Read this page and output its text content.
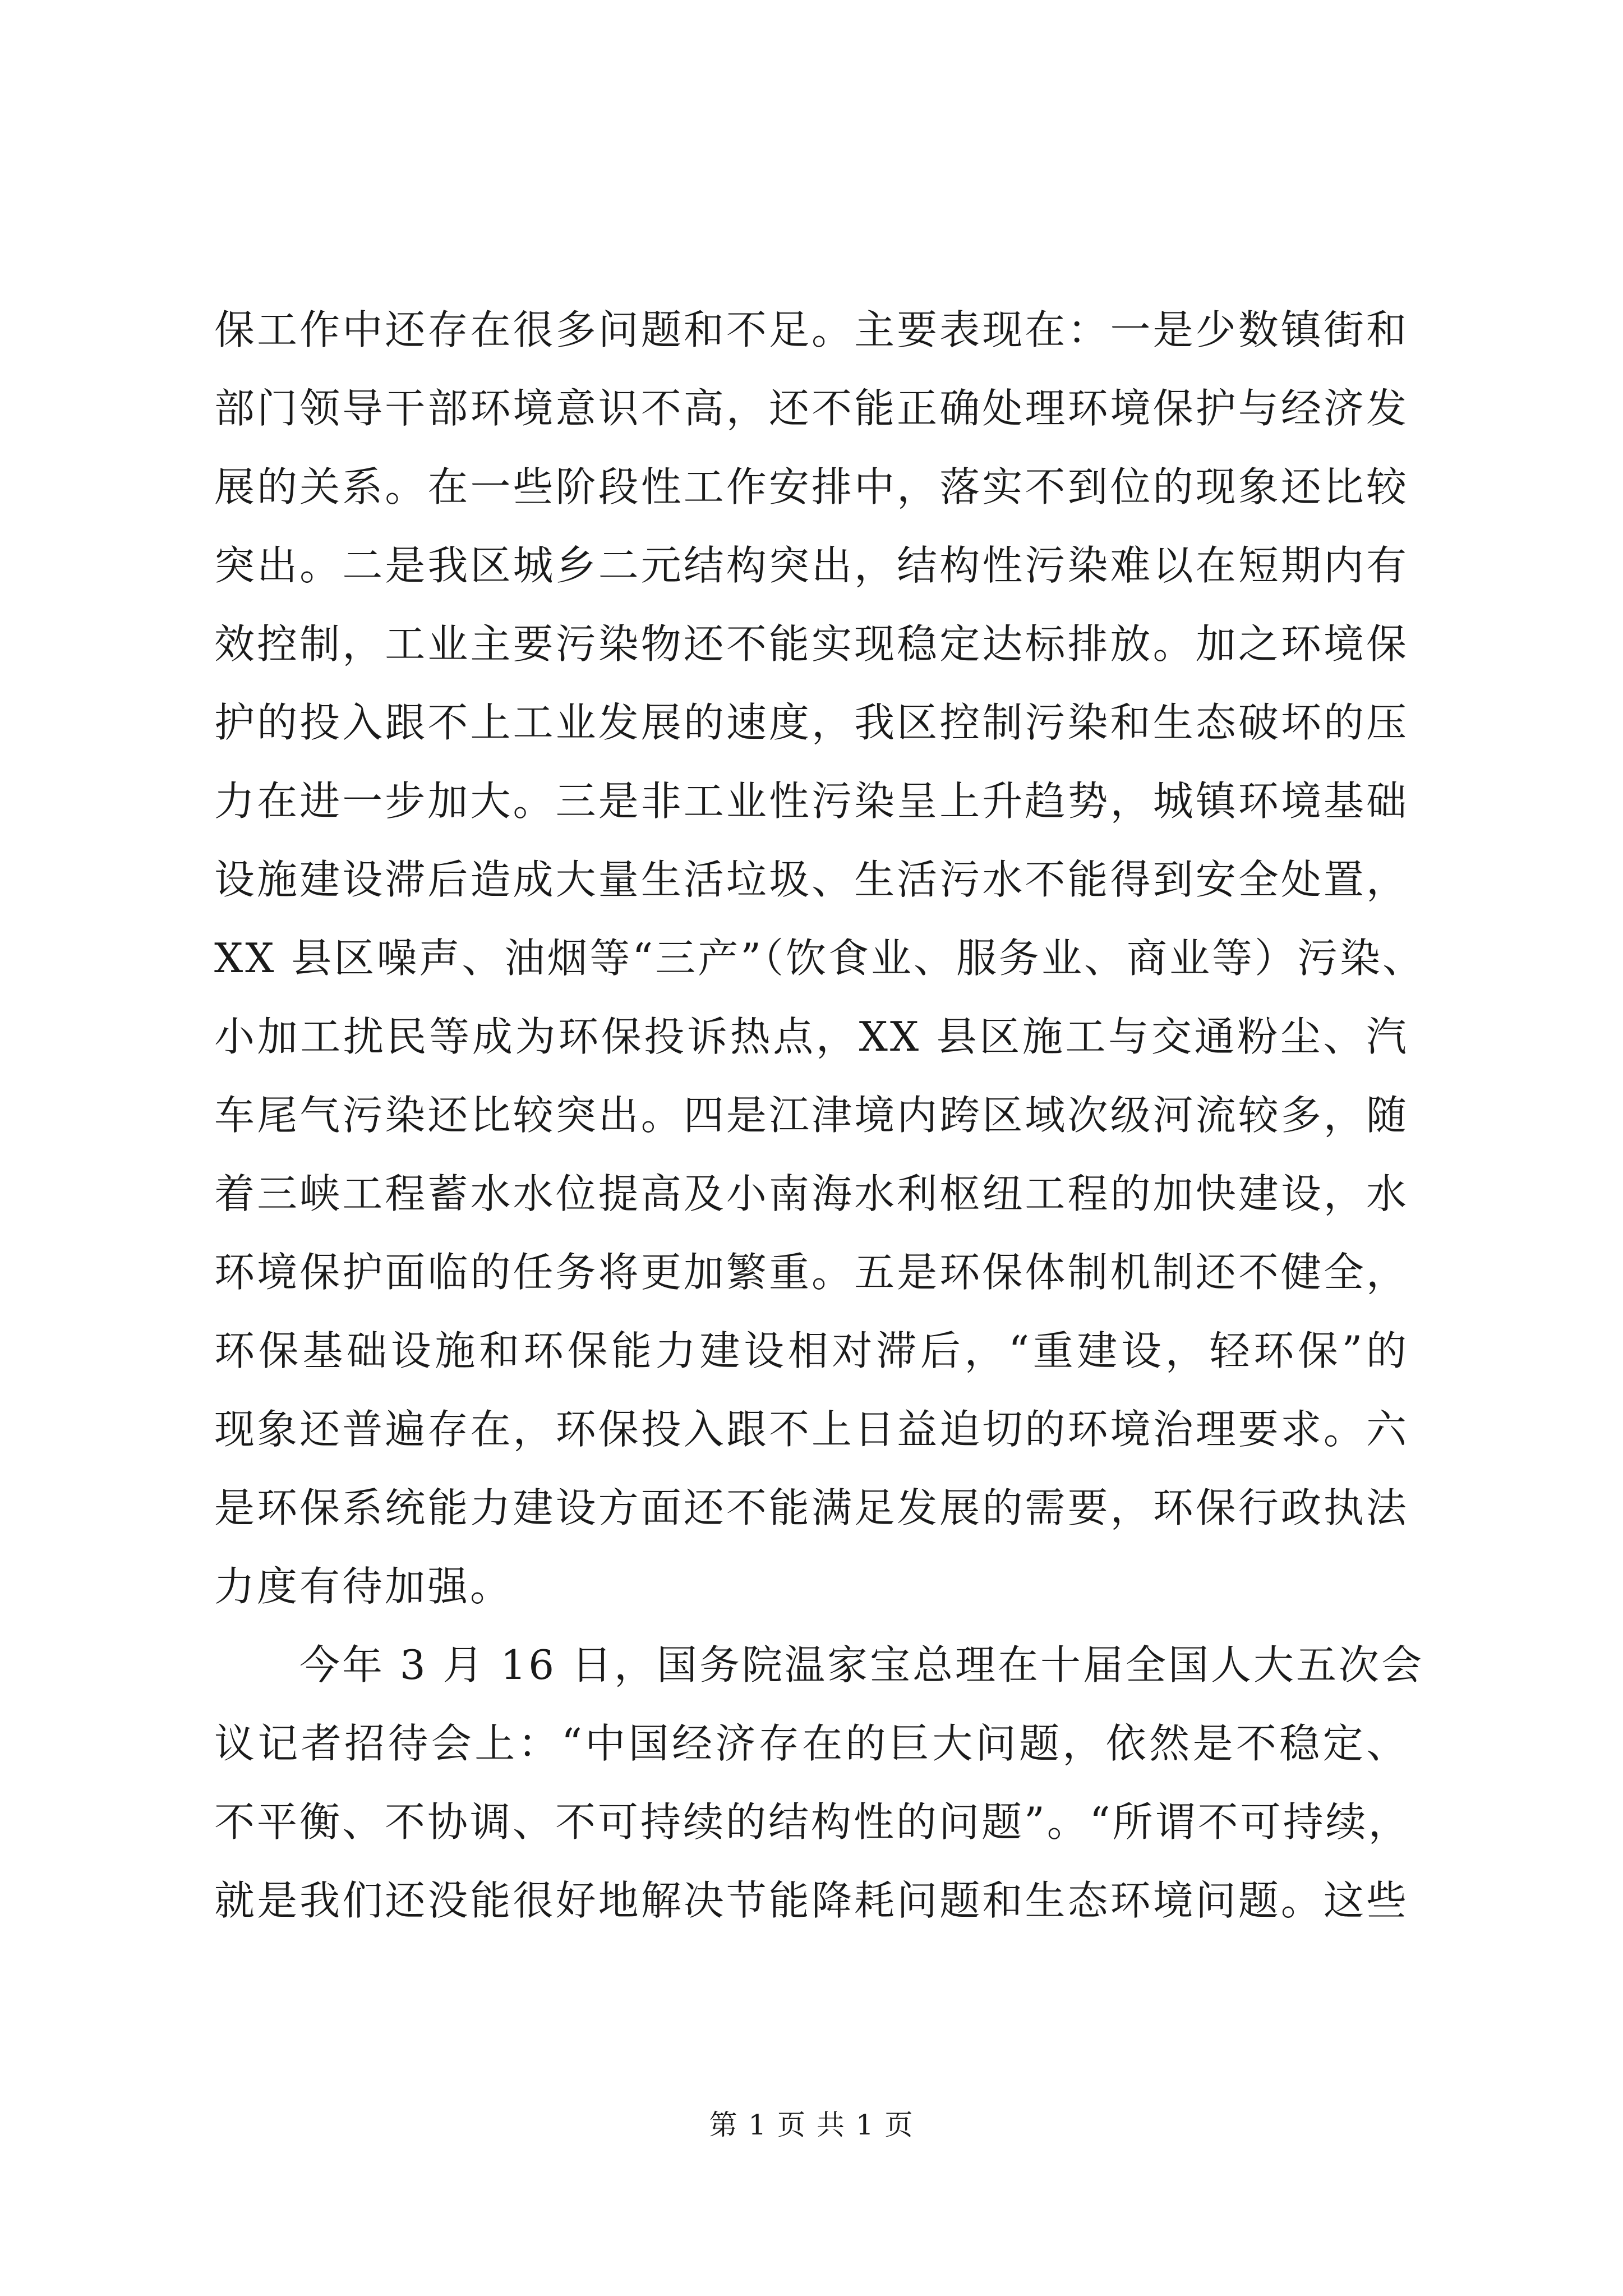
保工作中还存在很多问题和不足。主要表现在：一是少数镇街和
部门领导干部环境意识不高，还不能正确处理环境保护与经济发
展的关系。在一些阶段性工作安排中，落实不到位的现象还比较
突出。二是我区城乡二元结构突出，结构性污染难以在短期内有
效控制，工业主要污染物还不能实现稳定达标排放。加之环境保
护的投入跟不上工业发展的速度，我区控制污染和生态破坏的压
力在进一步加大。三是非工业性污染呈上升趋势，城镇环境基础
设施建设滞后造成大量生活垃圾、生活污水不能得到安全处置，
XX 县区噪声、油烟等“三产”（饮食业、服务业、商业等）污染、
小加工扰民等成为环保投诉热点，XX 县区施工与交通粉尘、汽
车尾气污染还比较突出。四是江津境内跨区域次级河流较多，随
着三峡工程蓄水水位提高及小南海水利枢纽工程的加快建设，水
环境保护面临的任务将更加繁重。五是环保体制机制还不健全，
环保基础设施和环保能力建设相对滞后，“重建设，轻环保”的
现象还普遍存在，环保投入跟不上日益迫切的环境治理要求。六
是环保系统能力建设方面还不能满足发展的需要，环保行政执法
力度有待加强。
　　今年 3 月 16 日，国务院温家宝总理在十届全国人大五次会
议记者招待会上：“中国经济存在的巨大问题，依然是不稳定、
不平衡、不协调、不可持续的结构性的问题”。“所谓不可持续，
就是我们还没能很好地解决节能降耗问题和生态环境问题。这些
第 1 页 共 1 页
